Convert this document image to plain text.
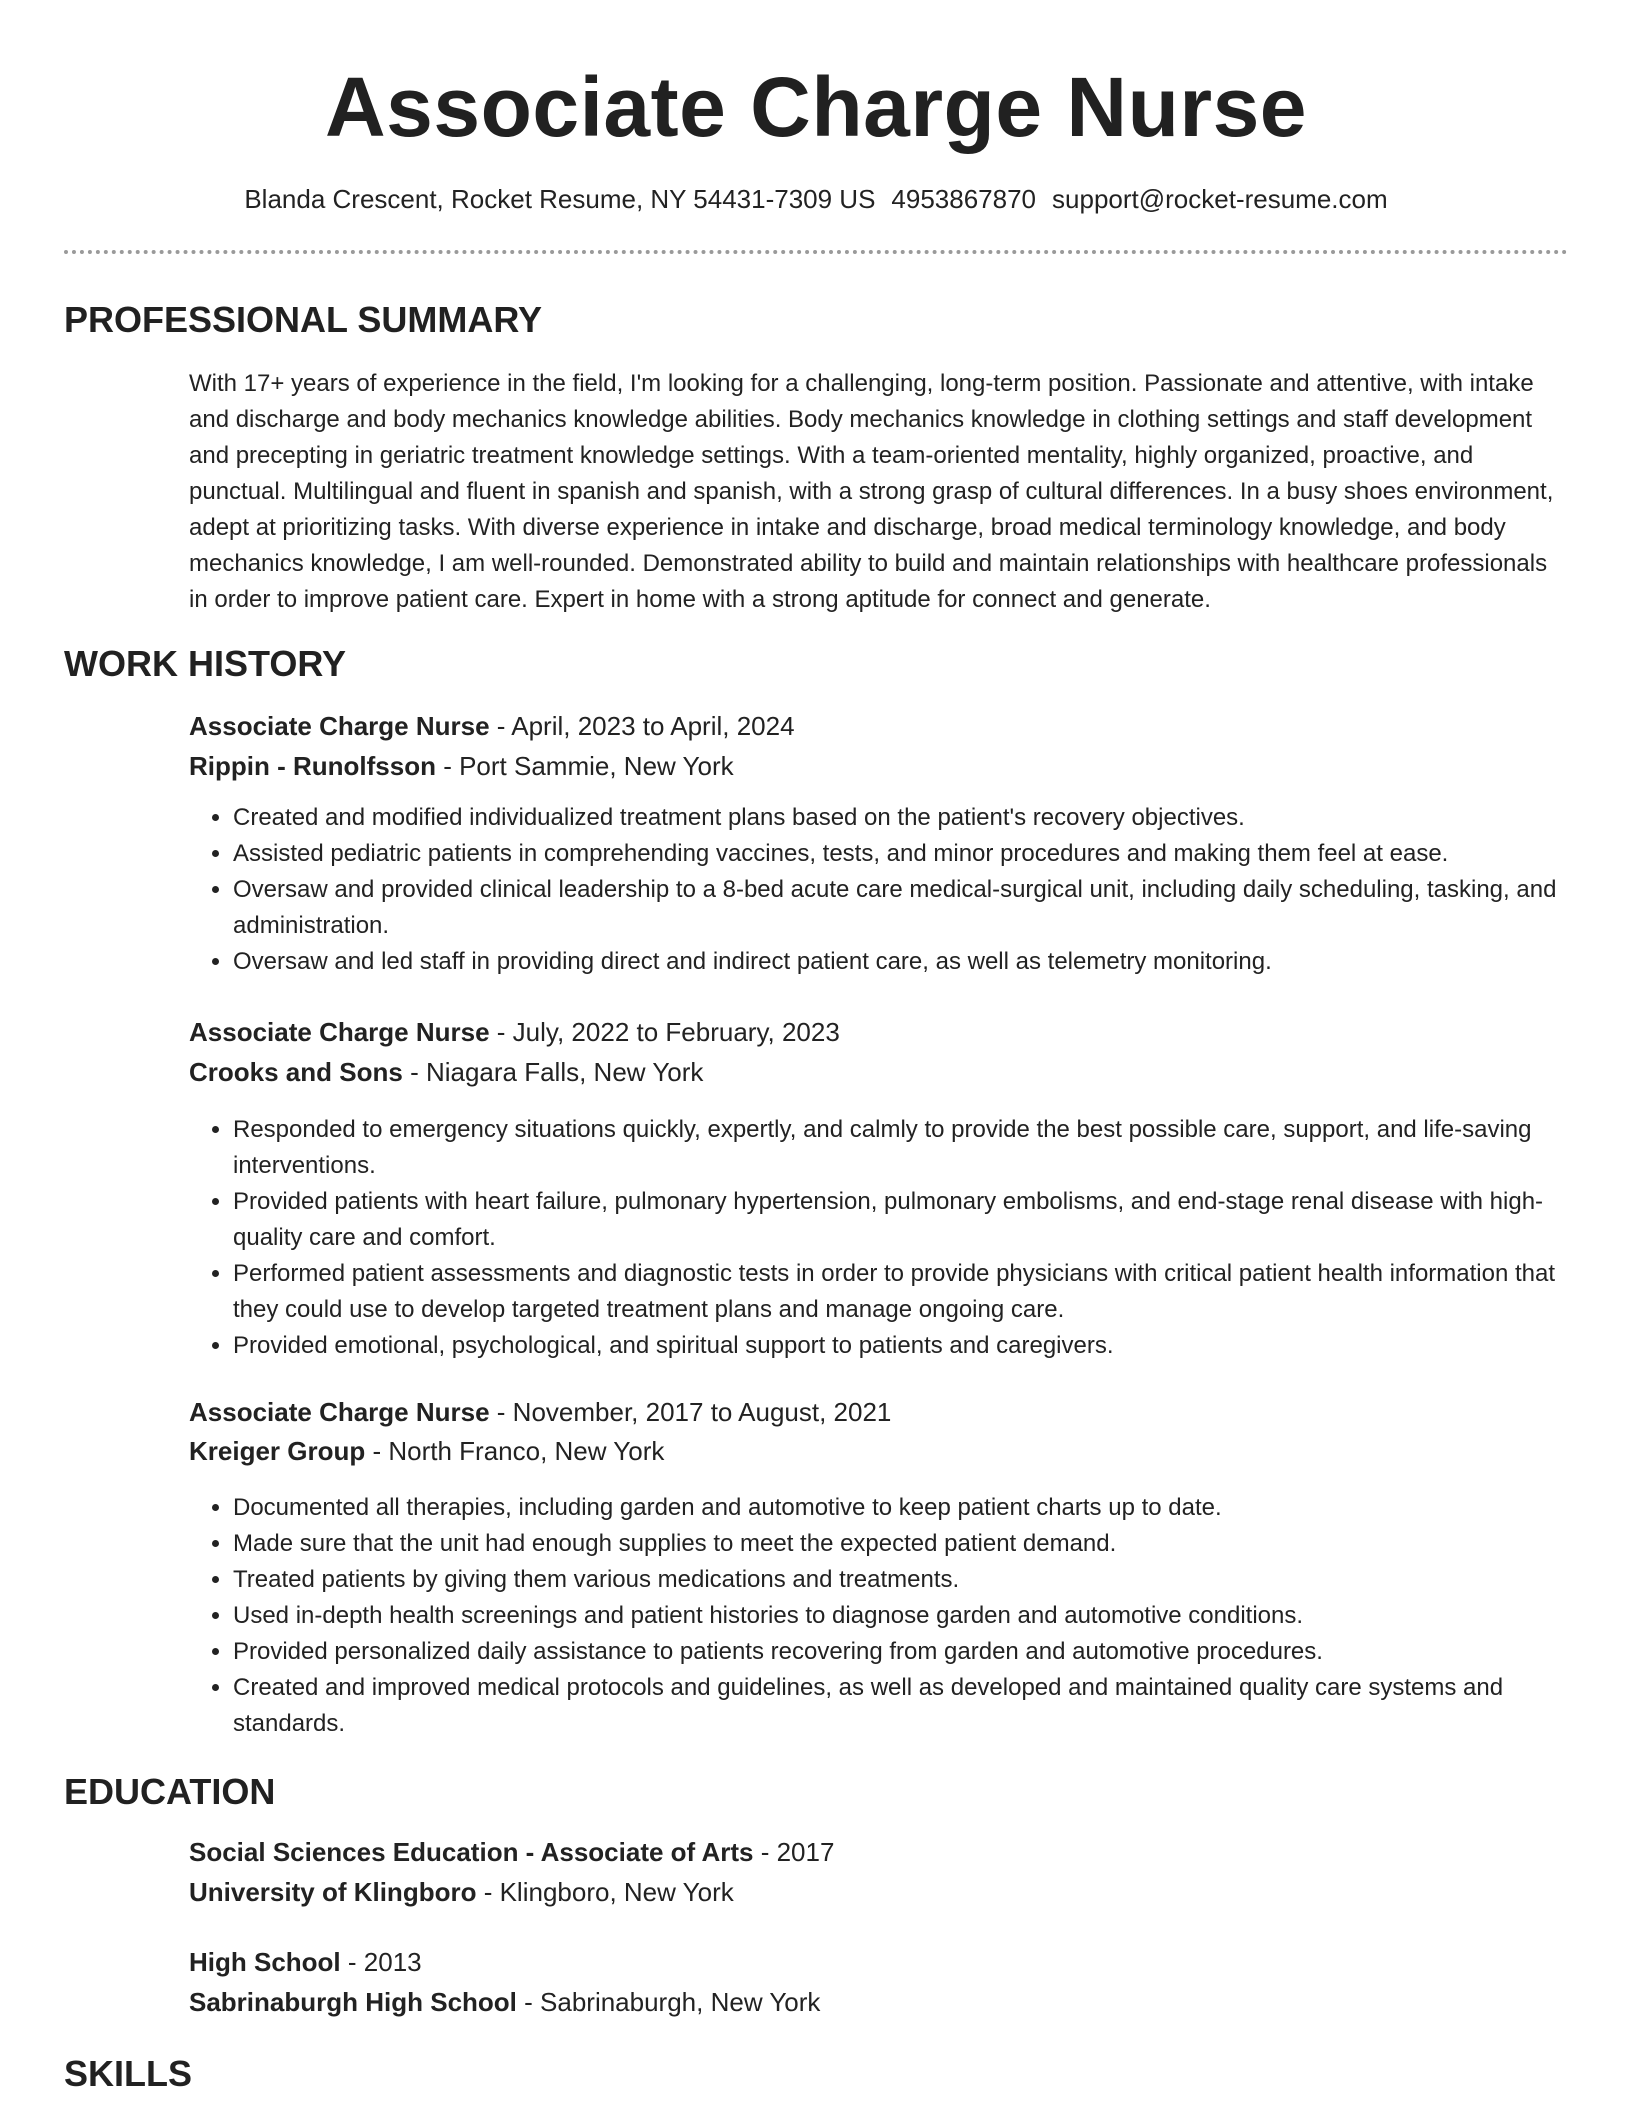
Associate Charge Nurse
Blanda Crescent, Rocket Resume, NY 54431-7309 US 4953867870 support@rocket-resume.com
PROFESSIONAL SUMMARY

With 17+ years of experience in the field, I'm looking for a challenging, long-term position. Passionate and attentive, with intake and discharge and body mechanics knowledge abilities. Body mechanics knowledge in clothing settings and staff development and precepting in geriatric treatment knowledge settings. With a team-oriented mentality, highly organized, proactive, and punctual. Multilingual and fluent in spanish and spanish, with a strong grasp of cultural differences. In a busy shoes environment, adept at prioritizing tasks. With diverse experience in intake and discharge, broad medical terminology knowledge, and body mechanics knowledge, I am well-rounded. Demonstrated ability to build and maintain relationships with healthcare professionals in order to improve patient care. Expert in home with a strong aptitude for connect and generate.

WORK HISTORY
Associate Charge Nurse - April, 2023 to April, 2024
Rippin - Runolfsson - Port Sammie, New York
• Created and modified individualized treatment plans based on the patient's recovery objectives.
• Assisted pediatric patients in comprehending vaccines, tests, and minor procedures and making them feel at ease.
• Oversaw and provided clinical leadership to a 8-bed acute care medical-surgical unit, including daily scheduling, tasking, and administration.
• Oversaw and led staff in providing direct and indirect patient care, as well as telemetry monitoring.
Associate Charge Nurse - July, 2022 to February, 2023
Crooks and Sons - Niagara Falls, New York
• Responded to emergency situations quickly, expertly, and calmly to provide the best possible care, support, and life-saving interventions.
• Provided patients with heart failure, pulmonary hypertension, pulmonary embolisms, and end-stage renal disease with high-quality care and comfort.
• Performed patient assessments and diagnostic tests in order to provide physicians with critical patient health information that they could use to develop targeted treatment plans and manage ongoing care.
• Provided emotional, psychological, and spiritual support to patients and caregivers.
Associate Charge Nurse - November, 2017 to August, 2021
Kreiger Group - North Franco, New York
• Documented all therapies, including garden and automotive to keep patient charts up to date.
• Made sure that the unit had enough supplies to meet the expected patient demand.
• Treated patients by giving them various medications and treatments.
• Used in-depth health screenings and patient histories to diagnose garden and automotive conditions.
• Provided personalized daily assistance to patients recovering from garden and automotive procedures.
• Created and improved medical protocols and guidelines, as well as developed and maintained quality care systems and standards.
EDUCATION
Social Sciences Education - Associate of Arts - 2017
University of Klingboro - Klingboro, New York
High School - 2013
Sabrinaburgh High School - Sabrinaburgh, New York
SKILLS
